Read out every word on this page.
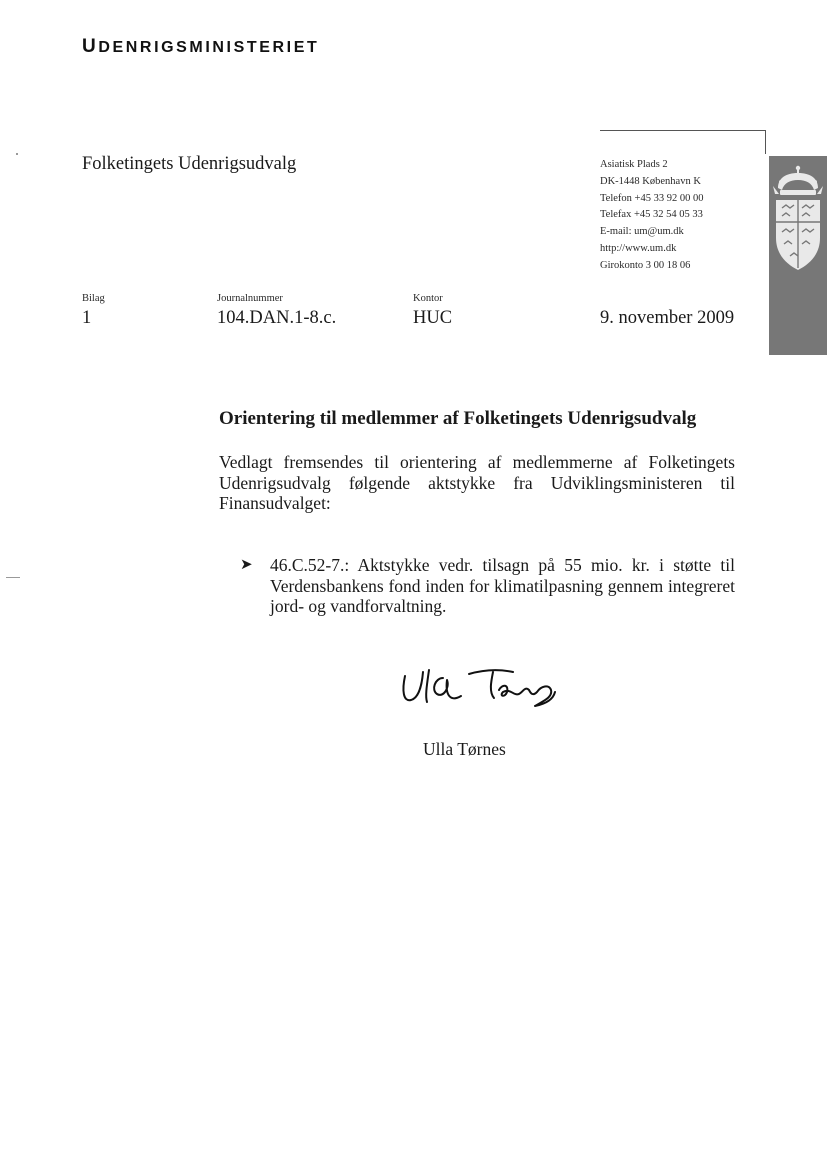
UDENRIGSMINISTERIET
Folketingets Udenrigsudvalg	Asiatisk Plads 2
DK-1448 København K
Telefon +45 33 92 00 00
Telefax +45 32 54 05 33
E-mail: um@um.dk
http://www.um.dk
Girokonto 3 00 18 06
Bilag
1
Journalnummer
104.DAN.1-8.c.
Kontor
HUC	9. november 2009
Orientering til medlemmer af Folketingets Udenrigsudvalg
Vedlagt fremsendes til orientering af medlemmerne af Folketingets Udenrigsudvalg følgende aktstykke fra Udviklingsministeren til Finansudvalget:
➤ 46.C.52-7.: Aktstykke vedr. tilsagn på 55 mio. kr. i støtte til Verdensbankens fond inden for klimatilpasning gennem integreret jord- og vandforvaltning.
Ulla Tørnes
